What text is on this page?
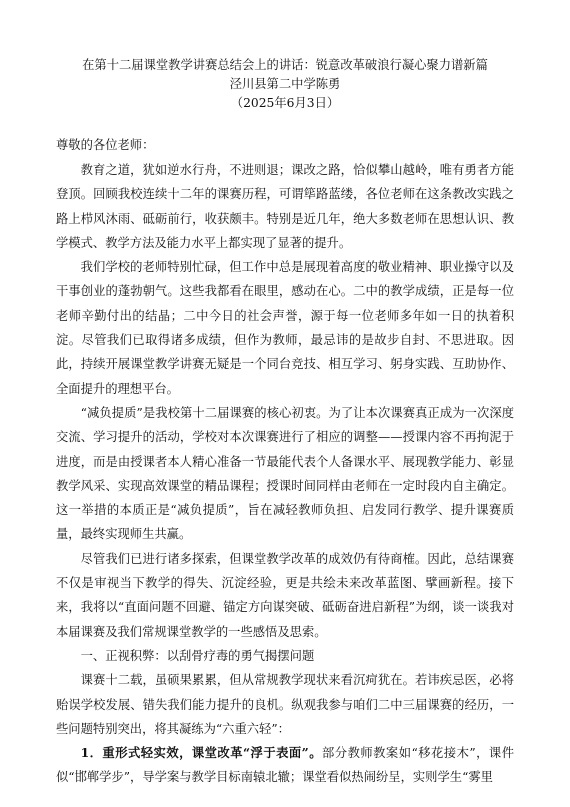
在第十二届课堂教学讲赛总结会上的讲话：锐意改革破浪行凝心聚力谱新篇
泾川县第二中学陈勇
（2025年6月3日）
尊敬的各位老师：

教育之道，犹如逆水行舟，不进则退；课改之路，恰似攀山越岭，唯有勇者方能登顶。回顾我校连续十二年的课赛历程，可谓筚路蓝缕，各位老师在这条教改实践之路上栉风沐雨、砥砺前行，收获颇丰。特别是近几年，绝大多数老师在思想认识、教学模式、教学方法及能力水平上都实现了显著的提升。

我们学校的老师特别忙碌，但工作中总是展现着高度的敬业精神、职业操守以及干事创业的蓬勃朝气。这些我都看在眼里，感动在心。二中的教学成绩，正是每一位老师辛勤付出的结晶；二中今日的社会声誉，源于每一位老师多年如一日的执着积淀。尽管我们已取得诸多成绩，但作为教师，最忌讳的是故步自封、不思进取。因此，持续开展课堂教学讲赛无疑是一个同台竞技、相互学习、躬身实践、互助协作、全面提升的理想平台。

“减负提质”是我校第十二届课赛的核心初衷。为了让本次课赛真正成为一次深度交流、学习提升的活动，学校对本次课赛进行了相应的调整——授课内容不再拘泥于进度，而是由授课者本人精心准备一节最能代表个人备课水平、展现教学能力、彰显教学风采、实现高效课堂的精品课程；授课时间同样由老师在一定时段内自主确定。这一举措的本质正是“减负提质”，旨在减轻教师负担、启发同行教学、提升课赛质量，最终实现师生共赢。

尽管我们已进行诸多探索，但课堂教学改革的成效仍有待商榷。因此，总结课赛不仅是审视当下教学的得失、沉淀经验，更是共绘未来改革蓝图、擘画新程。接下来，我将以“直面问题不回避、锚定方向谋突破、砥砺奋进启新程”为纲，谈一谈我对本届课赛及我们常规课堂教学的一些感悟及思索。

一、正视积弊：以刮骨疗毒的勇气揭摆问题

课赛十二载，虽硕果累累，但从常规教学现状来看沉疴犹在。若讳疾忌医，必将贻误学校发展、错失我们能力提升的良机。纵观我参与咱们二中三届课赛的经历，一些问题特别突出，将其凝练为“六重六轻”：

1．重形式轻实效，课堂改革“浮于表面”。部分教师教案如“移花接木”，课件似“邯郸学步”，导学案与教学目标南辕北辙；课堂看似热闹纷呈，实则学生“雾里
